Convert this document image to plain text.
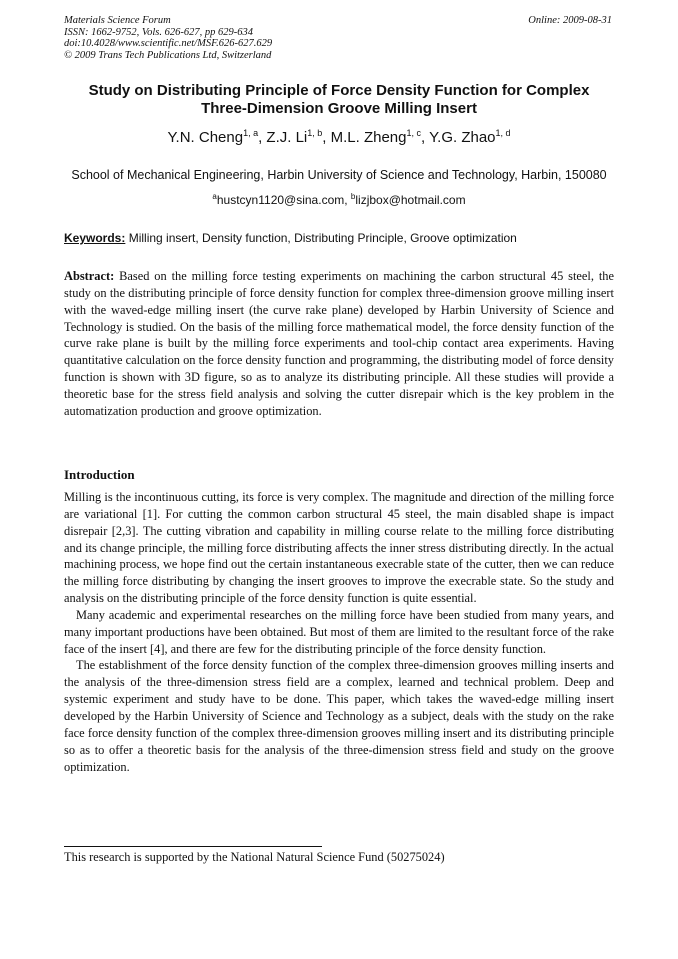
Materials Science Forum
ISSN: 1662-9752, Vols. 626-627, pp 629-634
doi:10.4028/www.scientific.net/MSF.626-627.629
© 2009 Trans Tech Publications Ltd, Switzerland
Online: 2009-08-31
Study on Distributing Principle of Force Density Function for Complex
Three-Dimension Groove Milling Insert
Y.N. Cheng$^{1, a}$, Z.J. Li$^{1, b}$, M.L. Zheng$^{1, c}$, Y.G. Zhao$^{1, d}$
School of Mechanical Engineering, Harbin University of Science and Technology, Harbin, 150080
$^a$hustcyn1120@sina.com, $^b$lizjbox@hotmail.com
Keywords: Milling insert, Density function, Distributing Principle, Groove optimization
Abstract: Based on the milling force testing experiments on machining the carbon structural 45 steel, the study on the distributing principle of force density function for complex three-dimension groove milling insert with the waved-edge milling insert (the curve rake plane) developed by Harbin University of Science and Technology is studied. On the basis of the milling force mathematical model, the force density function of the curve rake plane is built by the milling force experiments and tool-chip contact area experiments. Having quantitative calculation on the force density function and programming, the distributing model of force density function is shown with 3D figure, so as to analyze its distributing principle. All these studies will provide a theoretic base for the stress field analysis and solving the cutter disrepair which is the key problem in the automatization production and groove optimization.
Introduction

Milling is the incontinuous cutting, its force is very complex. The magnitude and direction of the milling force are variational [1]. For cutting the common carbon structural 45 steel, the main disabled shape is impact disrepair [2,3]. The cutting vibration and capability in milling course relate to the milling force distributing and its change principle, the milling force distributing affects the inner stress distributing directly. In the actual machining process, we hope find out the certain instantaneous execrable state of the cutter, then we can reduce the milling force distributing by changing the insert grooves to improve the execrable state. So the study and analysis on the distributing principle of the force density function is quite essential.

Many academic and experimental researches on the milling force have been studied from many years, and many important productions have been obtained. But most of them are limited to the resultant force of the rake face of the insert [4], and there are few for the distributing principle of the force density function.

The establishment of the force density function of the complex three-dimension grooves milling inserts and the analysis of the three-dimension stress field are a complex, learned and technical problem. Deep and systemic experiment and study have to be done. This paper, which takes the waved-edge milling insert developed by the Harbin University of Science and Technology as a subject, deals with the study on the rake face force density function of the complex three-dimension grooves milling insert and its distributing principle so as to offer a theoretic basis for the analysis of the three-dimension stress field and study on the groove optimization.

This research is supported by the National Natural Science Fund (50275024)
